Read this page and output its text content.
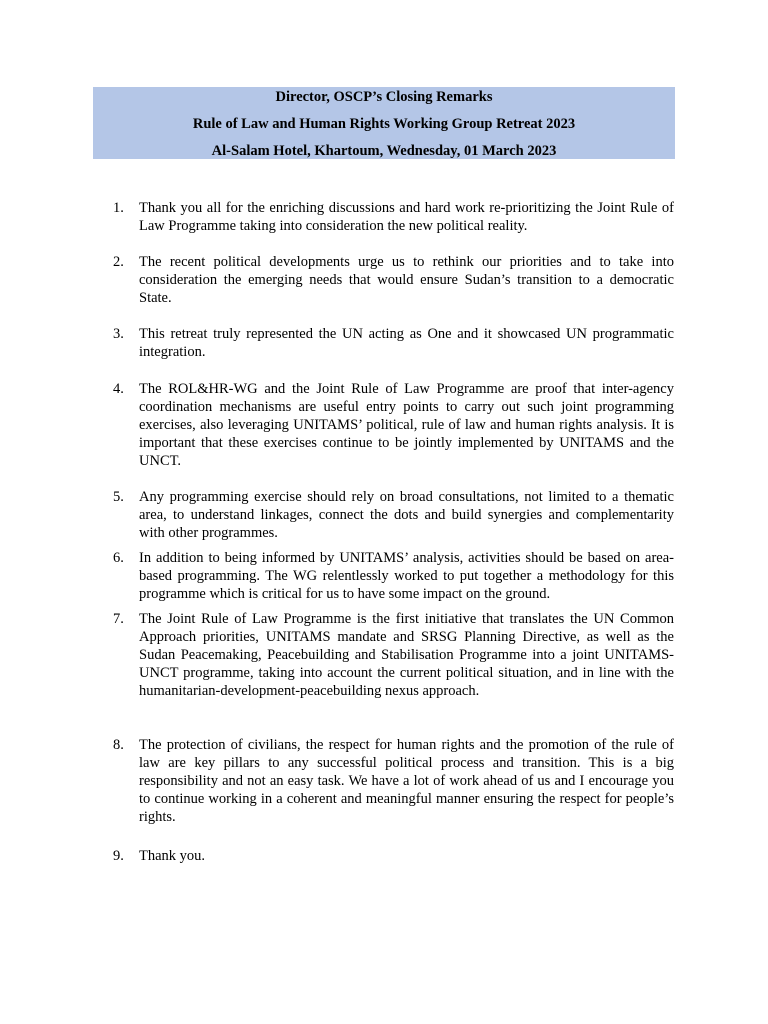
Director, OSCP’s Closing Remarks
Rule of Law and Human Rights Working Group Retreat 2023
Al-Salam Hotel, Khartoum, Wednesday, 01 March 2023
1.	Thank you all for the enriching discussions and hard work re-prioritizing the Joint Rule of Law Programme taking into consideration the new political reality.
2.	The recent political developments urge us to rethink our priorities and to take into consideration the emerging needs that would ensure Sudan’s transition to a democratic State.
3.	This retreat truly represented the UN acting as One and it showcased UN programmatic integration.
4.	The ROL&HR-WG and the Joint Rule of Law Programme are proof that inter-agency coordination mechanisms are useful entry points to carry out such joint programming exercises, also leveraging UNITAMS’ political, rule of law and human rights analysis. It is important that these exercises continue to be jointly implemented by UNITAMS and the UNCT.
5.	Any programming exercise should rely on broad consultations, not limited to a thematic area, to understand linkages, connect the dots and build synergies and complementarity with other programmes.
6.	In addition to being informed by UNITAMS’ analysis, activities should be based on area-based programming. The WG relentlessly worked to put together a methodology for this programme which is critical for us to have some impact on the ground.
7.	The Joint Rule of Law Programme is the first initiative that translates the UN Common Approach priorities, UNITAMS mandate and SRSG Planning Directive, as well as the Sudan Peacemaking, Peacebuilding and Stabilisation Programme into a joint UNITAMS-UNCT programme, taking into account the current political situation, and in line with the humanitarian-development-peacebuilding nexus approach.
8.	The protection of civilians, the respect for human rights and the promotion of the rule of law are key pillars to any successful political process and transition. This is a big responsibility and not an easy task. We have a lot of work ahead of us and I encourage you to continue working in a coherent and meaningful manner ensuring the respect for people’s rights.
9.	Thank you.
